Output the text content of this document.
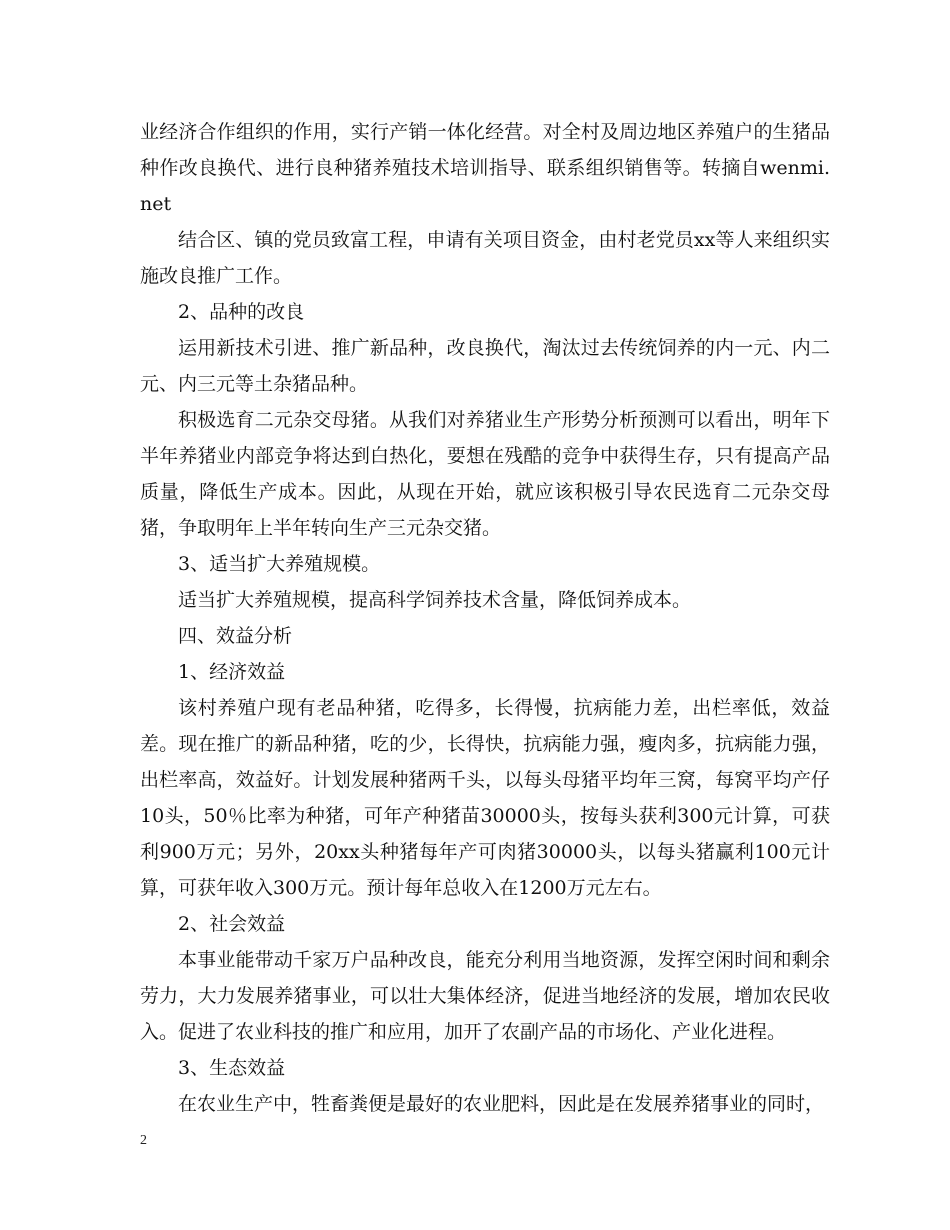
业经济合作组织的作用，实行产销一体化经营。对全村及周边地区养殖户的生猪品种作改良换代、进行良种猪养殖技术培训指导、联系组织销售等。转摘自wenmi.net

结合区、镇的党员致富工程，申请有关项目资金，由村老党员xx等人来组织实施改良推广工作。

2、品种的改良

运用新技术引进、推广新品种，改良换代，淘汰过去传统饲养的内一元、内二元、内三元等土杂猪品种。

积极选育二元杂交母猪。从我们对养猪业生产形势分析预测可以看出，明年下半年养猪业内部竞争将达到白热化，要想在残酷的竞争中获得生存，只有提高产品质量，降低生产成本。因此，从现在开始，就应该积极引导农民选育二元杂交母猪，争取明年上半年转向生产三元杂交猪。

3、适当扩大养殖规模。

适当扩大养殖规模，提高科学饲养技术含量，降低饲养成本。

四、效益分析

1、经济效益

该村养殖户现有老品种猪，吃得多，长得慢，抗病能力差，出栏率低，效益差。现在推广的新品种猪，吃的少，长得快，抗病能力强，瘦肉多，抗病能力强，出栏率高，效益好。计划发展种猪两千头，以每头母猪平均年三窝，每窝平均产仔10头，50％比率为种猪，可年产种猪苗30000头，按每头获利300元计算，可获利900万元；另外，20xx头种猪每年产可肉猪30000头，以每头猪赢利100元计算，可获年收入300万元。预计每年总收入在1200万元左右。

2、社会效益

本事业能带动千家万户品种改良，能充分利用当地资源，发挥空闲时间和剩余劳力，大力发展养猪事业，可以壮大集体经济，促进当地经济的发展，增加农民收入。促进了农业科技的推广和应用，加开了农副产品的市场化、产业化进程。

3、生态效益

在农业生产中，牲畜粪便是最好的农业肥料，因此是在发展养猪事业的同时，

2
